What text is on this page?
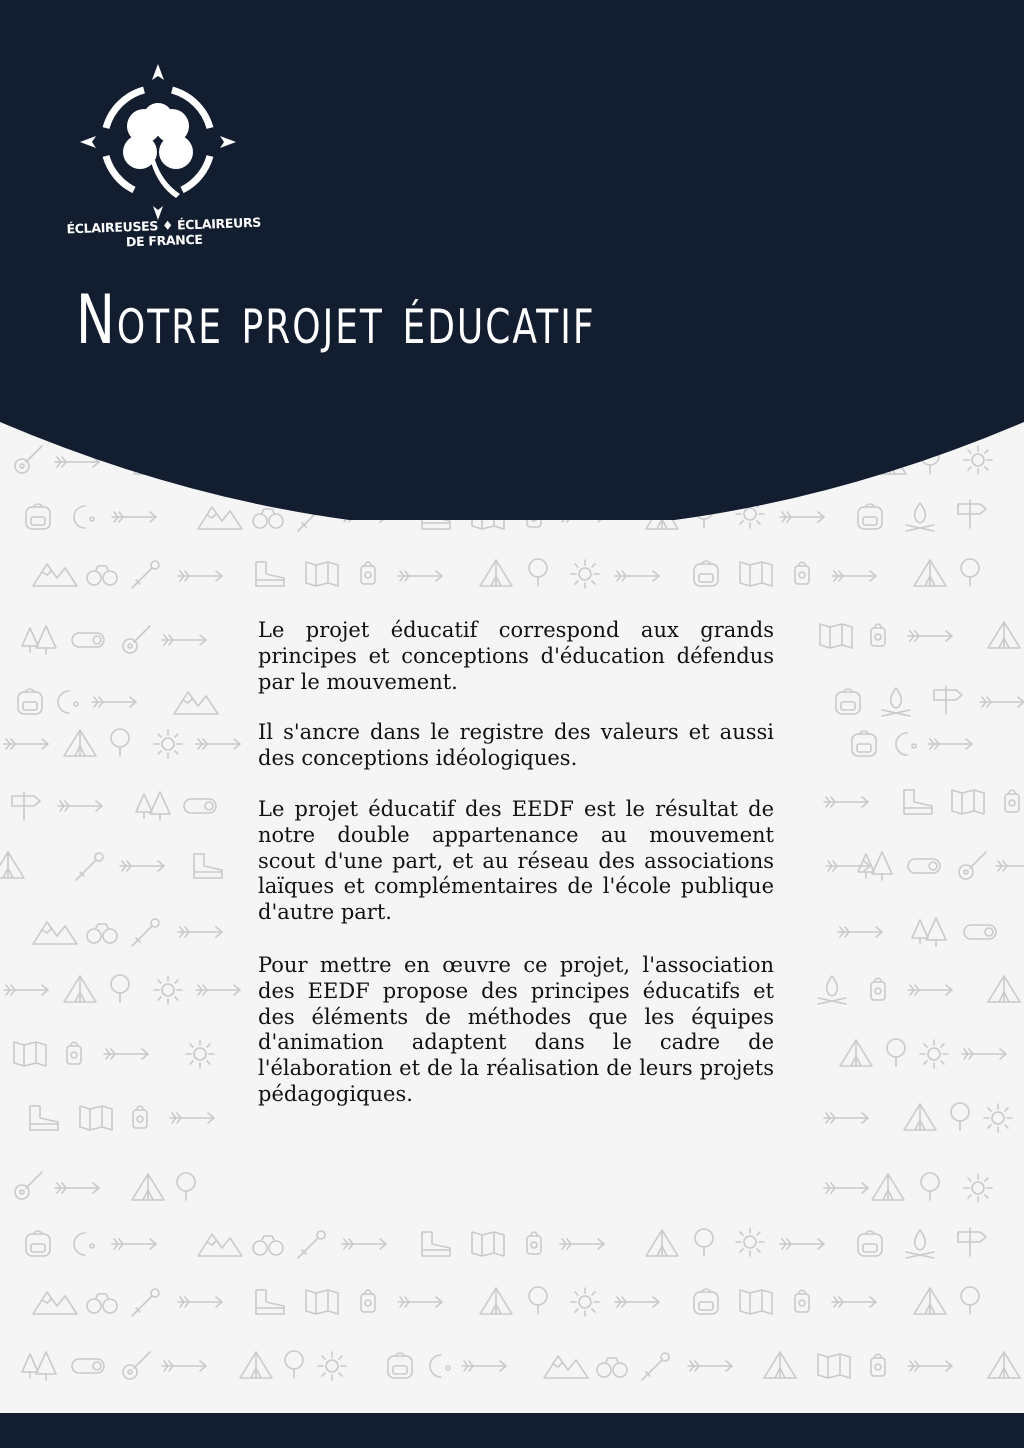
ÉCLAIREUSES ♦ ÉCLAIREURS
DE FRANCE
Notre projet éducatif

Le projet éducatif correspond aux grands principes et conceptions d'éducation défendus par le mouvement.

Il s'ancre dans le registre des valeurs et aussi des conceptions idéologiques.

Le projet éducatif des EEDF est le résultat de notre double appartenance au mouvement scout d'une part, et au réseau des associations laïques et complémentaires de l'école publique d'autre part.

Pour mettre en œuvre ce projet, l'association des EEDF propose des principes éducatifs et des éléments de méthodes que les équipes d'animation adaptent dans le cadre de l'élaboration et de la réalisation de leurs projets pédagogiques.
